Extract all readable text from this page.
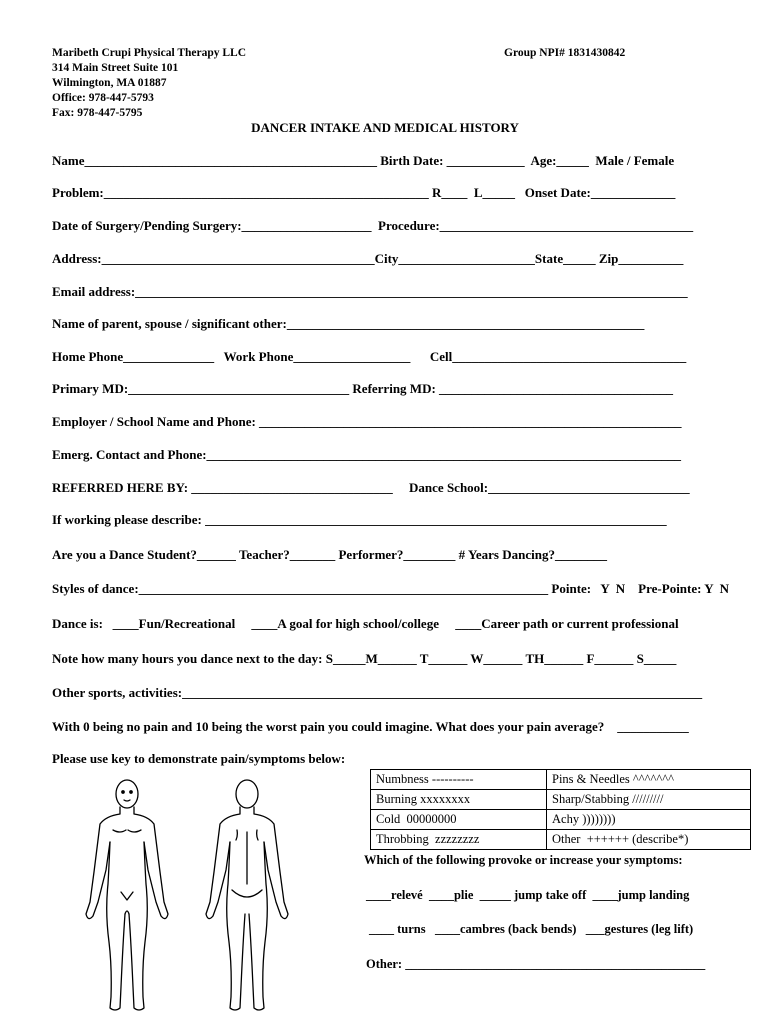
Maribeth Crupi Physical Therapy LLC
314 Main Street Suite 101
Wilmington, MA 01887
Office: 978-447-5793
Fax: 978-447-5795
Group NPI# 1831430842
DANCER INTAKE AND MEDICAL HISTORY
Name_____________________________________________ Birth Date: ____________  Age:_____  Male / Female
Problem:__________________________________________________ R____  L_____   Onset Date:_____________
Date of Surgery/Pending Surgery:____________________  Procedure:_______________________________________
Address:__________________________________________City_____________________State_____ Zip__________
Email address:_____________________________________________________________________________________
Name of parent, spouse / significant other:_______________________________________________________
Home Phone______________   Work Phone__________________      Cell____________________________________
Primary MD:__________________________________ Referring MD: ____________________________________
Employer / School Name and Phone: _________________________________________________________________
Emerg. Contact and Phone:_________________________________________________________________________
REFERRED HERE BY: _______________________________     Dance School:_______________________________
If working please describe: _______________________________________________________________________
Are you a Dance Student?______ Teacher?_______ Performer?________ # Years Dancing?________
Styles of dance:_______________________________________________________________ Pointe:   Y  N    Pre-Pointe: Y  N
Dance is:   ____Fun/Recreational     ____A goal for high school/college     ____Career path or current professional
Note how many hours you dance next to the day: S_____M______ T______ W______ TH______ F______ S_____
Other sports, activities:________________________________________________________________________________
With 0 being no pain and 10 being the worst pain you could imagine. What does your pain average?    ___________
Please use key to demonstrate pain/symptoms below:
Numbness ----------	Pins & Needles ^^^^^^^
Burning xxxxxxxx	Sharp/Stabbing /////////
Cold  00000000	Achy ))))))))
Throbbing  zzzzzzzz	Other  ++++++ (describe*)
Which of the following provoke or increase your symptoms:
____relevé  ____plie  _____ jump take off  ____jump landing
____ turns   ____cambres (back bends)   ___gestures (leg lift)
Other: ________________________________________________
